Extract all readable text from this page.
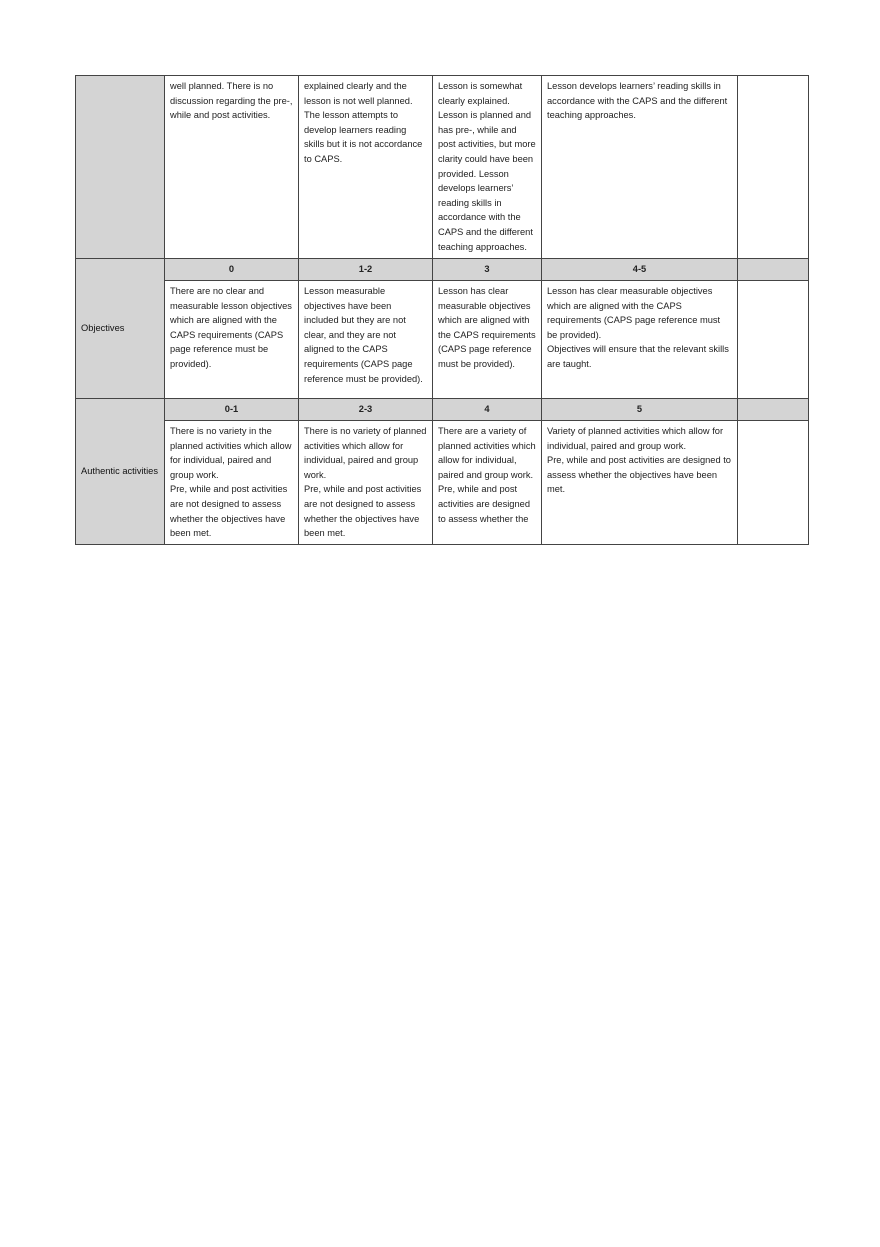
	well planned. There is no discussion regarding the pre-, while and post activities.	explained clearly and the lesson is not well planned. The lesson attempts to develop learners reading skills but it is not accordance to CAPS.	Lesson is somewhat clearly explained. Lesson is planned and has pre-, while and post activities, but more clarity could have been provided. Lesson develops learners’ reading skills in accordance with the CAPS and the different teaching approaches.	Lesson develops learners’ reading skills in accordance with the CAPS and the different teaching approaches.	

Objectives	0	1-2	3	4-5	

	There are no clear and measurable lesson objectives which are aligned with the CAPS requirements (CAPS page reference must be provided).	Lesson measurable objectives have been included but they are not clear, and they are not aligned to the CAPS requirements (CAPS page reference must be provided).	Lesson has clear measurable objectives which are aligned with the CAPS requirements (CAPS page reference must be provided).	Lesson has clear measurable objectives which are aligned with the CAPS requirements (CAPS page reference must be provided).
Objectives will ensure that the relevant skills are taught.	

Authentic activities	0-1	2-3	4	5	

	There is no variety in the planned activities which allow for individual, paired and group work.
Pre, while and post activities are not designed to assess whether the objectives have been met.	There is no variety of planned activities which allow for individual, paired and group work.
Pre, while and post activities are not designed to assess whether the objectives have been met.	There are a variety of planned activities which allow for individual, paired and group work.
Pre, while and post activities are designed to assess whether the	Variety of planned activities which allow for individual, paired and group work.
Pre, while and post activities are designed to assess whether the objectives have been met.	
